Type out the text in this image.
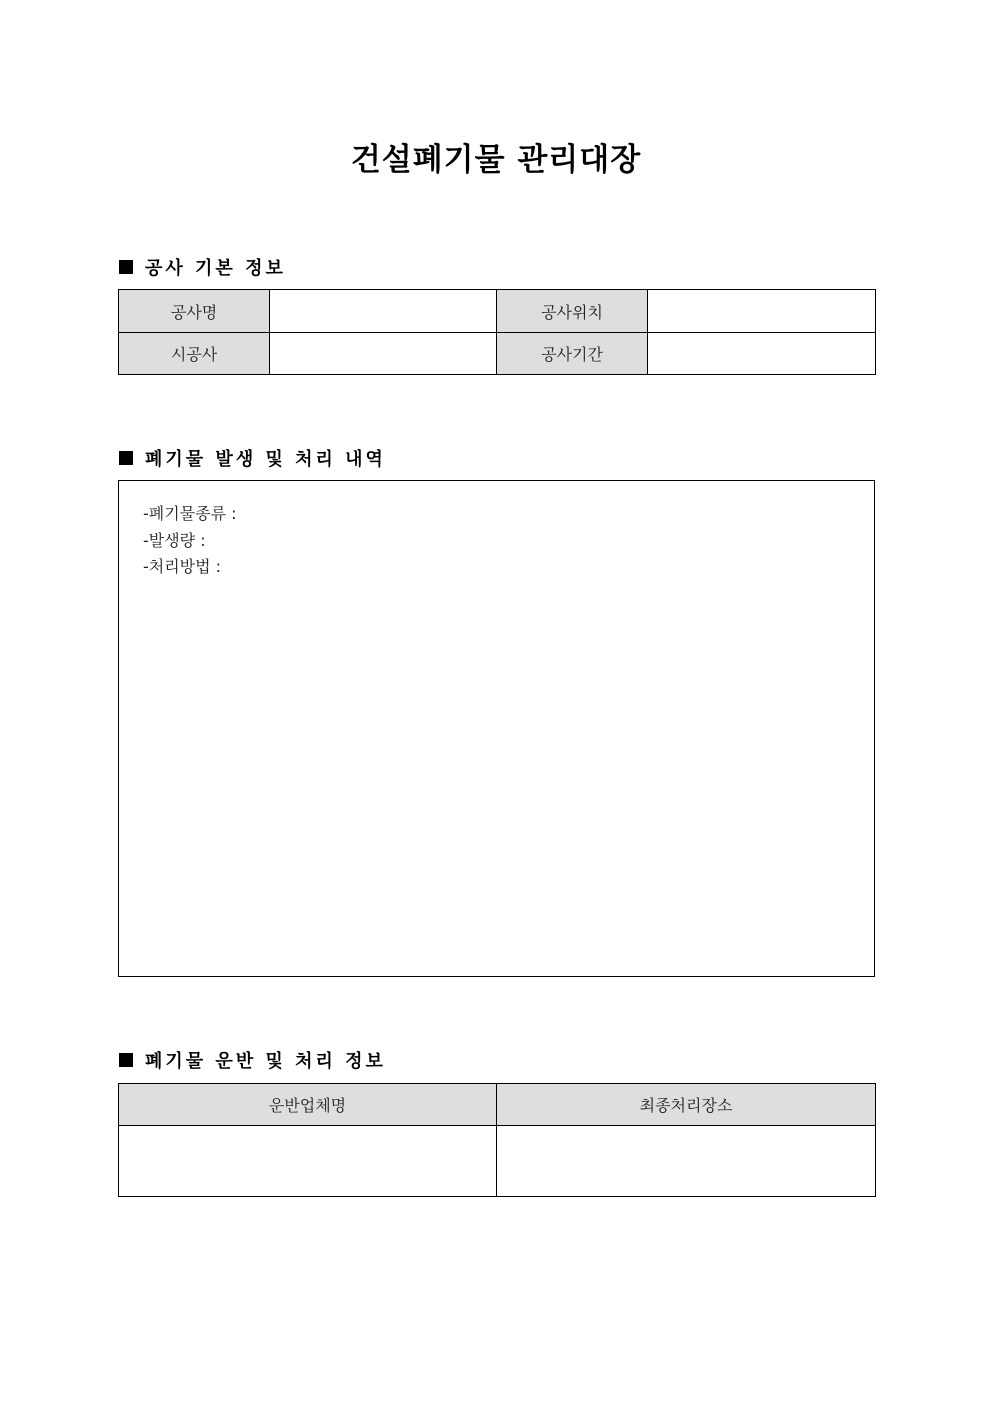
건설폐기물 관리대장
공사 기본 정보
공사명		공사위치	
시공사		공사기간	
폐기물 발생 및 처리 내역
-폐기물종류 :
-발생량 :
-처리방법 :
폐기물 운반 및 처리 정보
운반업체명	최종처리장소
